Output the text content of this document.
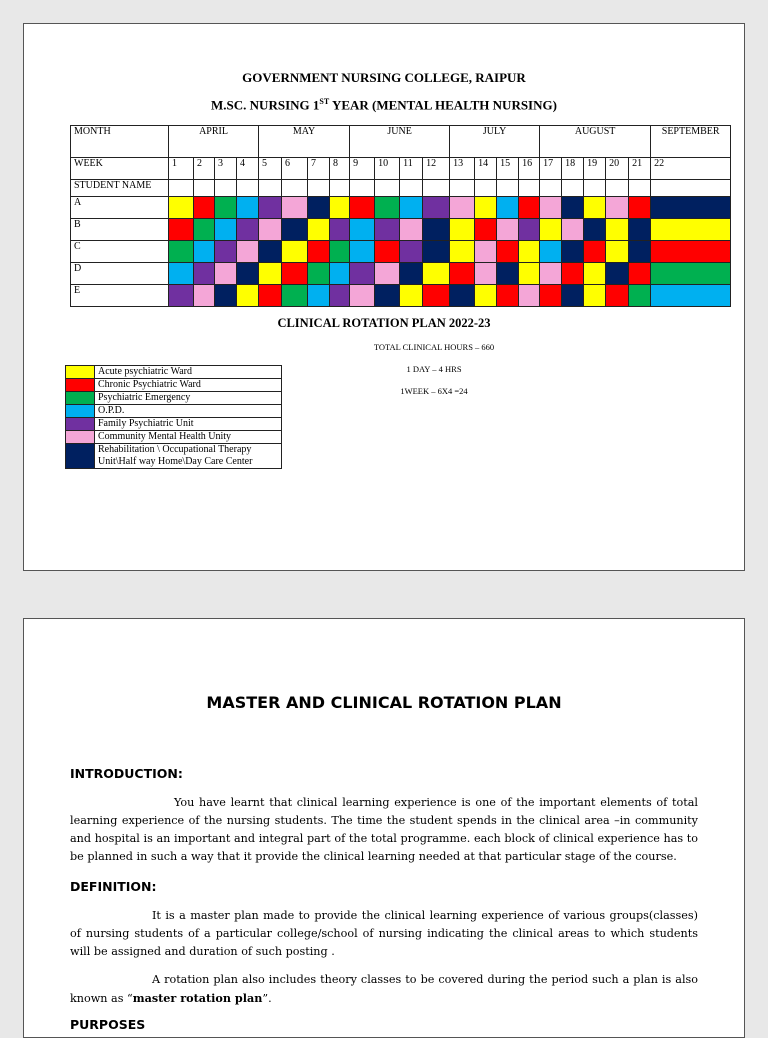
GOVERNMENT NURSING COLLEGE, RAIPUR
M.SC. NURSING 1ST YEAR (MENTAL HEALTH NURSING)
MONTH	APRIL				MAY				JUNE				JULY				AUGUST					SEPTEMBER
WEEK	1	2	3	4	5	6	7	8	9	10	11	12	13	14	15	16	17	18	19	20	21	22
STUDENT NAME																						
A																						
B																						
C																						
D																						
E																						
CLINICAL ROTATION PLAN 2022-23
TOTAL CLINICAL HOURS – 660
1 DAY – 4 HRS
1WEEK – 6X4 =24
	Acute psychiatric Ward
	Chronic Psychiatric Ward
	Psychiatric Emergency
	O.P.D.
	Family Psychiatric Unit
	Community Mental Health Unity
	Rehabilitation \ Occupational Therapy Unit\Half way Home\Day Care Center
MASTER AND CLINICAL ROTATION PLAN
INTRODUCTION:
You have learnt that clinical learning experience is one of the important elements of total learning experience of the nursing students. The time the student spends in the clinical area –in community and hospital is an important and integral part of the total programme. each block of clinical experience has to be planned in such a way that it provide the clinical learning needed at that particular stage of the course.
DEFINITION:
It is a master plan made to provide the clinical learning experience of various groups(classes) of nursing students of a particular college/school of nursing indicating the clinical areas to which students will be assigned and duration of such posting .
A rotation plan also includes theory classes to be covered during the period such a plan is also known as “master rotation plan”.
PURPOSES
